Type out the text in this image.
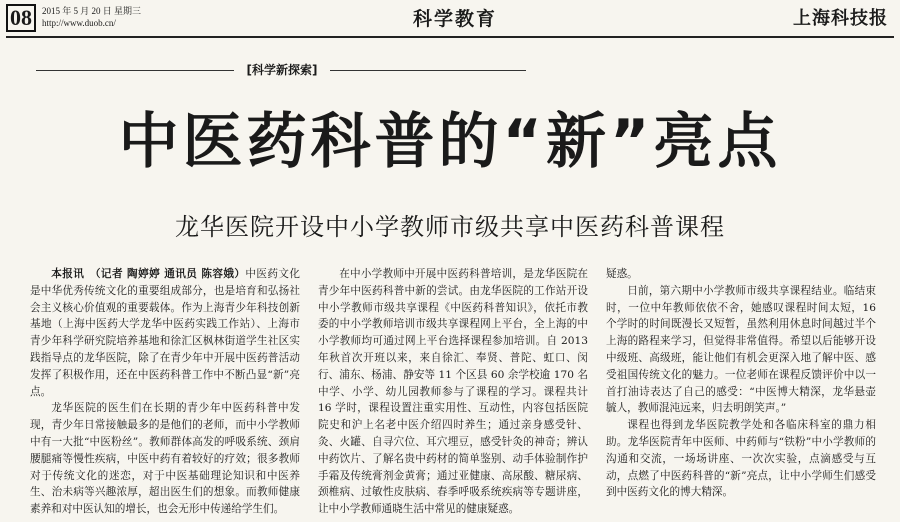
08	2015 年 5 月 20 日 星期三
http://www.duob.cn/	科学教育	上海科技报
[科学新探索]
中医药科普的“新”亮点
龙华医院开设中小学教师市级共享中医药科普课程

本报讯　（记者 陶婷婷 通讯员 陈容娥）中医药文化是中华优秀传统文化的重要组成部分，也是培育和弘扬社会主义核心价值观的重要载体。作为上海青少年科技创新基地（上海中医药大学龙华中医药实践工作站）、上海市青少年科学研究院培养基地和徐汇区枫林街道学生社区实践指导点的龙华医院，除了在青少年中开展中医药普活动发挥了积极作用，还在中医药科普工作中不断凸显“新”亮点。

龙华医院的医生们在长期的青少年中医药科普中发现，青少年日常接触最多的是他们的老师，而中小学教师中有一大批“中医粉丝”。教师群体高发的呼吸系统、颈肩腰腿痛等慢性疾病，中医中药有着较好的疗效；很多教师对于传统文化的迷恋，对于中医基础理论知识和中医养生、治未病等兴趣浓厚，超出医生们的想象。而教师健康素养和对中医认知的增长，也会无形中传递给学生们。

在中小学教师中开展中医药科普培训，是龙华医院在青少年中医药科普中新的尝试。由龙华医院的工作站开设中小学教师市级共享课程《中医药科普知识》，依托市教委的中小学教师培训市级共享课程网上平台，全上海的中小学教师均可通过网上平台选择课程参加培训。自 2013 年秋首次开班以来，来自徐汇、奉贤、普陀、虹口、闵行、浦东、杨浦、静安等 11 个区县 60 余学校逾 170 名中学、小学、幼儿园教师参与了课程的学习。课程共计 16 学时，课程设置注重实用性、互动性，内容包括医院院史和沪上名老中医介绍四时养生；通过亲身感受针、灸、火罐、自寻穴位、耳穴埋豆，感受针灸的神奇；辨认中药饮片、了解名贵中药材的简单鉴别、动手体验制作护手霜及传统膏剂金黄膏；通过亚健康、高尿酸、糖尿病、颈椎病、过敏性皮肤病、春季呼吸系统疾病等专题讲座，让中小学教师通晓生活中常见的健康疑惑。

疑惑。

日前，第六期中小学教师市级共享课程结业。临结束时，一位中年教师依依不舍，她感叹课程时间太短，16 个学时的时间既漫长又短暂，虽然利用休息时间越过半个上海的路程来学习，但觉得非常值得。希望以后能够开设中级班、高级班，能让他们有机会更深入地了解中医、感受祖国传统文化的魅力。一位老师在课程反馈评价中以一首打油诗表达了自己的感受：“中医博大精深，龙华悬壶毓人，教师混沌远来，归去明朗笑声。”

课程也得到龙华医院教学处和各临床科室的鼎力相助。龙华医院青年中医师、中药师与“铁粉”中小学教师的沟通和交流，一场场讲座、一次次实验，点滴感受与互动，点燃了中医药科普的“新”亮点，让中小学师生们感受到中医药文化的博大精深。
